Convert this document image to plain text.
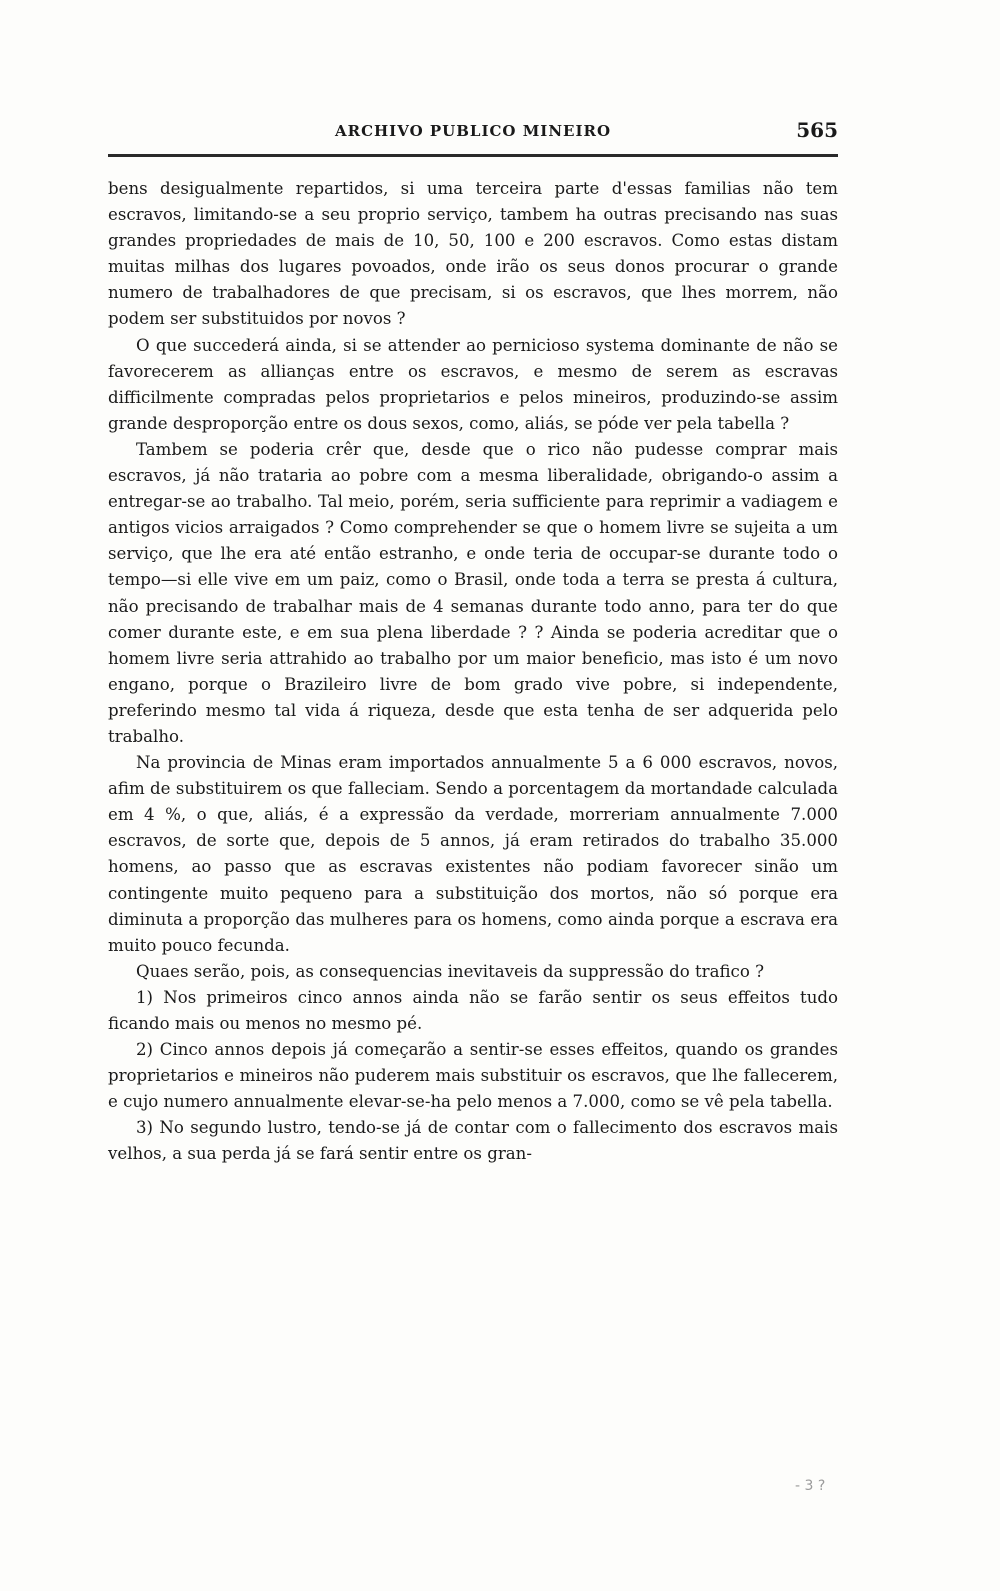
ARCHIVO PUBLICO MINEIRO	565

bens desigualmente repartidos, si uma terceira parte d'essas familias não tem escravos, limitando-se a seu proprio serviço, tambem ha outras precisando nas suas grandes propriedades de mais de 10, 50, 100 e 200 escravos. Como estas distam muitas milhas dos lugares povoados, onde irão os seus donos procurar o grande numero de trabalhadores de que precisam, si os escravos, que lhes morrem, não podem ser substituidos por novos ?

O que succederá ainda, si se attender ao pernicioso systema dominante de não se favorecerem as allianças entre os escravos, e mesmo de serem as escravas difficilmente compradas pelos proprietarios e pelos mineiros, produzindo-se assim grande desproporção entre os dous sexos, como, aliás, se póde ver pela tabella ?

Tambem se poderia crêr que, desde que o rico não pudesse comprar mais escravos, já não trataria ao pobre com a mesma liberalidade, obrigando-o assim a entregar-se ao trabalho. Tal meio, porém, seria sufficiente para reprimir a vadiagem e antigos vicios arraigados ? Como comprehender se que o homem livre se sujeita a um serviço, que lhe era até então estranho, e onde teria de occupar-se durante todo o tempo—si elle vive em um paiz, como o Brasil, onde toda a terra se presta á cultura, não precisando de trabalhar mais de 4 semanas durante todo anno, para ter do que comer durante este, e em sua plena liberdade ? ? Ainda se poderia acreditar que o homem livre seria attrahido ao trabalho por um maior beneficio, mas isto é um novo engano, porque o Brazileiro livre de bom grado vive pobre, si independente, preferindo mesmo tal vida á riqueza, desde que esta tenha de ser adquerida pelo trabalho.

Na provincia de Minas eram importados annualmente 5 a 6 000 escravos, novos, afim de substituirem os que falleciam. Sendo a porcentagem da mortandade calculada em 4 %, o que, aliás, é a expressão da verdade, morreriam annualmente 7.000 escravos, de sorte que, depois de 5 annos, já eram retirados do trabalho 35.000 homens, ao passo que as escravas existentes não podiam favorecer sinão um contingente muito pequeno para a substituição dos mortos, não só porque era diminuta a proporção das mulheres para os homens, como ainda porque a escrava era muito pouco fecunda.

Quaes serão, pois, as consequencias inevitaveis da suppressão do trafico ?

1) Nos primeiros cinco annos ainda não se farão sentir os seus effeitos tudo ficando mais ou menos no mesmo pé.

2) Cinco annos depois já começarão a sentir-se esses effeitos, quando os grandes proprietarios e mineiros não puderem mais substituir os escravos, que lhe fallecerem, e cujo numero annualmente elevar-se-ha pelo menos a 7.000, como se vê pela tabella.

3) No segundo lustro, tendo-se já de contar com o fallecimento dos escravos mais velhos, a sua perda já se fará sentir entre os gran-

- 3 ?
